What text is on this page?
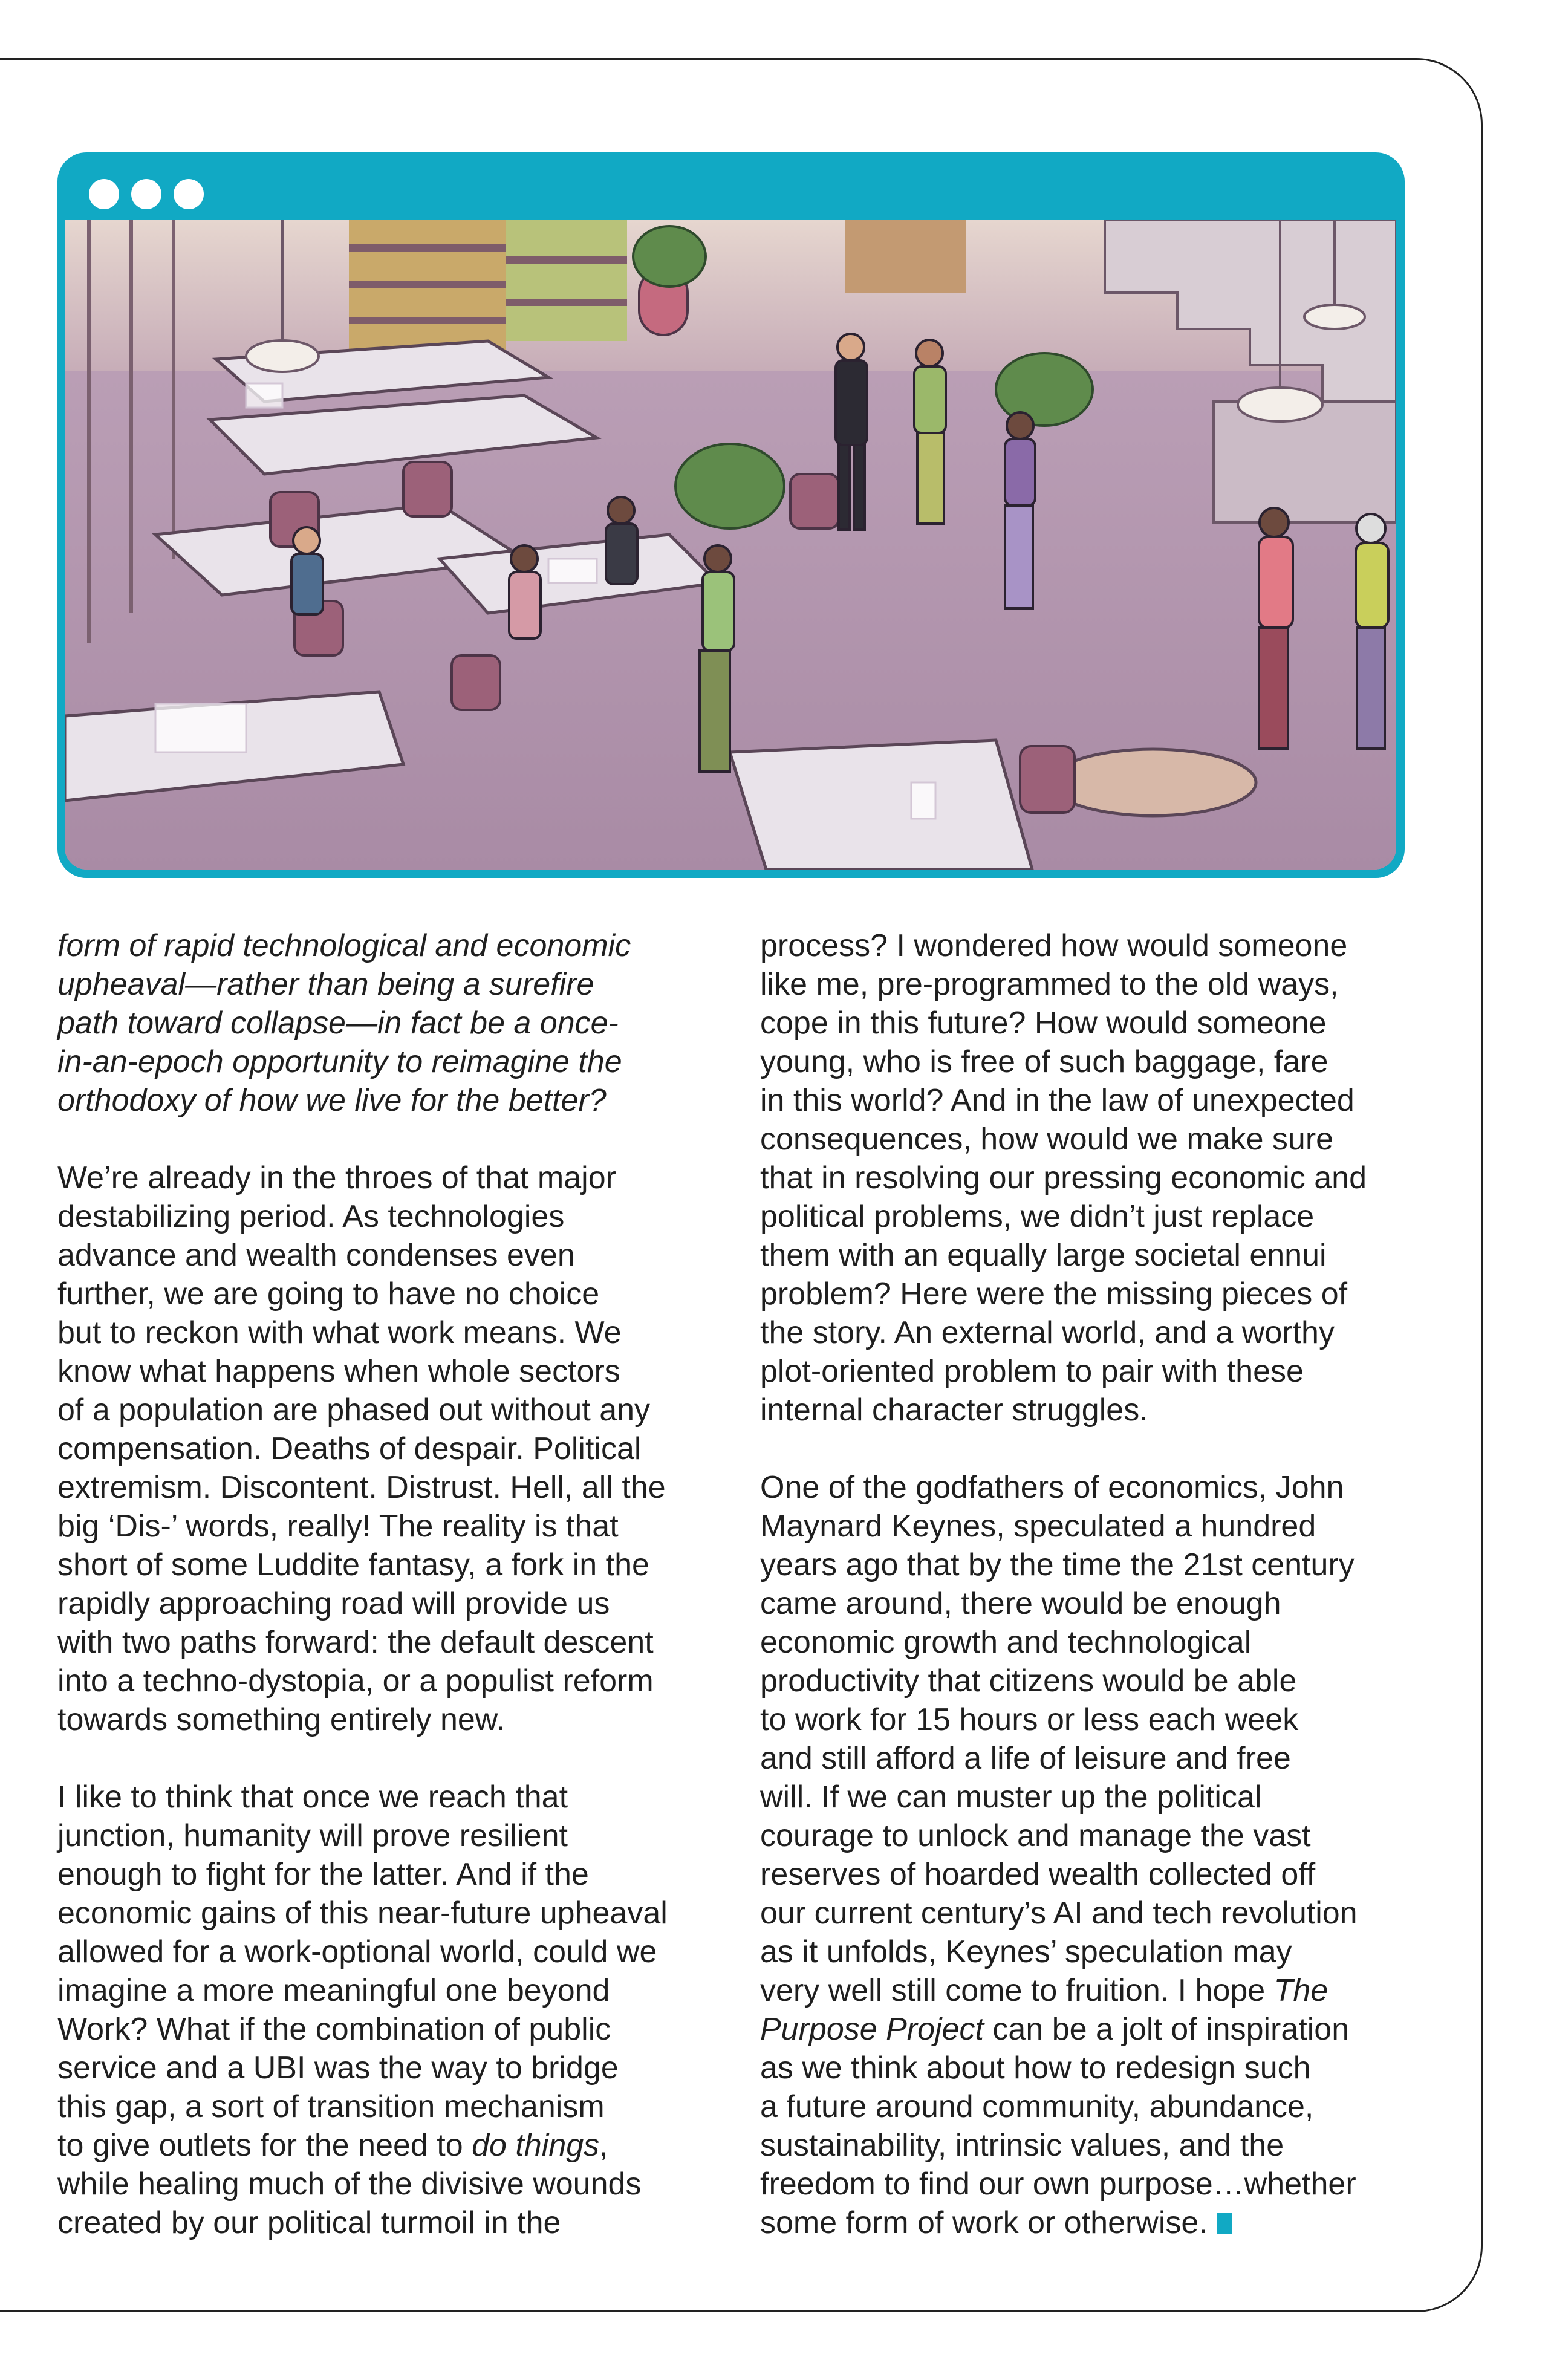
form of rapid technological and economic
upheaval—rather than being a surefire
path toward collapse—in fact be a once-
in-an-epoch opportunity to reimagine the
orthodoxy of how we live for the better?

We’re already in the throes of that major
destabilizing period. As technologies
advance and wealth condenses even
further, we are going to have no choice
but to reckon with what work means. We
know what happens when whole sectors
of a population are phased out without any
compensation. Deaths of despair. Political
extremism. Discontent. Distrust. Hell, all the
big ‘Dis-’ words, really! The reality is that
short of some Luddite fantasy, a fork in the
rapidly approaching road will provide us
with two paths forward: the default descent
into a techno-dystopia, or a populist reform
towards something entirely new.

I like to think that once we reach that
junction, humanity will prove resilient
enough to fight for the latter. And if the
economic gains of this near-future upheaval
allowed for a work-optional world, could we
imagine a more meaningful one beyond
Work? What if the combination of public
service and a UBI was the way to bridge
this gap, a sort of transition mechanism
to give outlets for the need to do things,
while healing much of the divisive wounds
created by our political turmoil in the

process? I wondered how would someone
like me, pre-programmed to the old ways,
cope in this future? How would someone
young, who is free of such baggage, fare
in this world? And in the law of unexpected
consequences, how would we make sure
that in resolving our pressing economic and
political problems, we didn’t just replace
them with an equally large societal ennui
problem? Here were the missing pieces of
the story. An external world, and a worthy
plot-oriented problem to pair with these
internal character struggles.

One of the godfathers of economics, John
Maynard Keynes, speculated a hundred
years ago that by the time the 21st century
came around, there would be enough
economic growth and technological
productivity that citizens would be able
to work for 15 hours or less each week
and still afford a life of leisure and free
will. If we can muster up the political
courage to unlock and manage the vast
reserves of hoarded wealth collected off
our current century’s AI and tech revolution
as it unfolds, Keynes’ speculation may
very well still come to fruition. I hope The
Purpose Project can be a jolt of inspiration
as we think about how to redesign such
a future around community, abundance,
sustainability, intrinsic values, and the
freedom to find our own purpose…whether
some form of work or otherwise.
